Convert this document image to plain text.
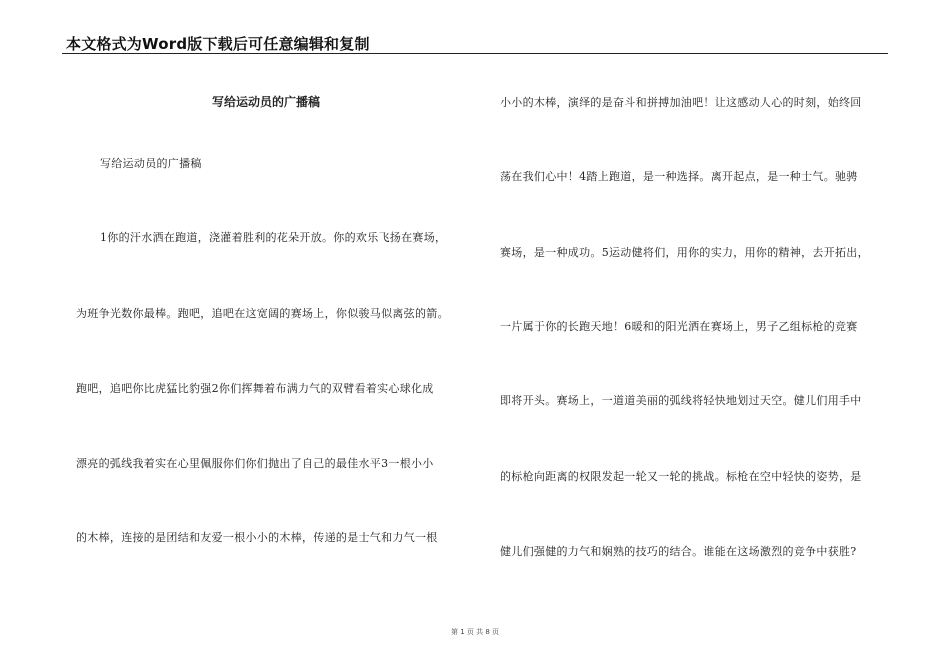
本文格式为Word版下载后可任意编辑和复制
写给运动员的广播稿
写给运动员的广播稿
1你的汗水洒在跑道，浇灌着胜利的花朵开放。你的欢乐飞扬在赛场，
为班争光数你最棒。跑吧，追吧在这宽阔的赛场上，你似骏马似离弦的箭。
跑吧，追吧你比虎猛比豹强2你们挥舞着布满力气的双臂看着实心球化成
漂亮的弧线我着实在心里佩服你们你们抛出了自己的最佳水平3一根小小
的木棒，连接的是团结和友爱一根小小的木棒，传递的是士气和力气一根
小小的木棒，演绎的是奋斗和拼搏加油吧！让这感动人心的时刻，始终回
荡在我们心中！4踏上跑道，是一种选择。离开起点，是一种士气。驰骋
赛场，是一种成功。5运动健将们，用你的实力，用你的精神，去开拓出，
一片属于你的长跑天地！6暖和的阳光洒在赛场上，男子乙组标枪的竞赛
即将开头。赛场上，一道道美丽的弧线将轻快地划过天空。健儿们用手中
的标枪向距离的权限发起一轮又一轮的挑战。标枪在空中轻快的姿势，是
健儿们强健的力气和娴熟的技巧的结合。谁能在这场激烈的竞争中获胜?
第 1 页 共 8 页
